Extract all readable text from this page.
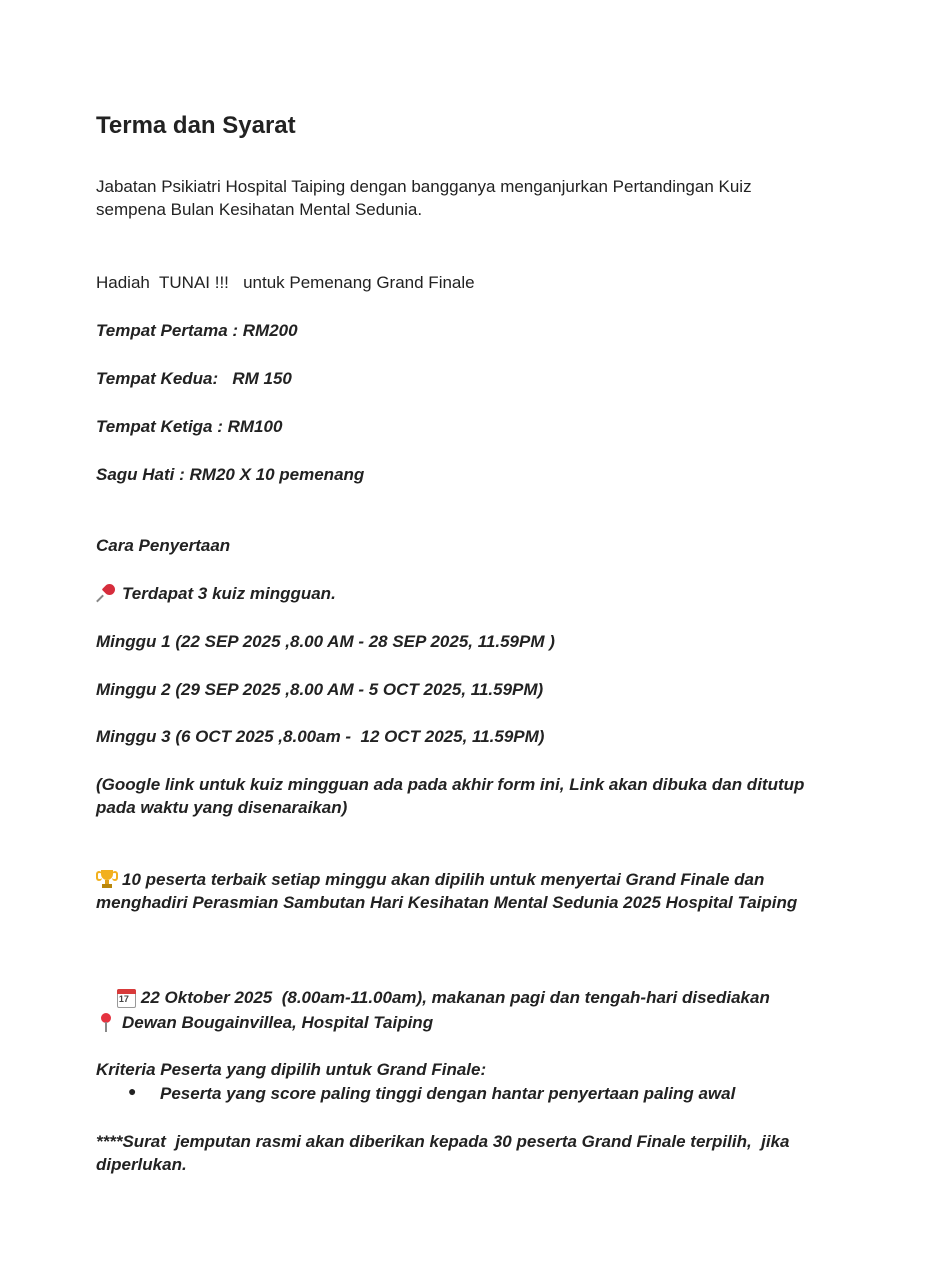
Terma dan Syarat

Jabatan Psikiatri Hospital Taiping dengan bangganya menganjurkan Pertandingan Kuiz sempena Bulan Kesihatan Mental Sedunia.

Hadiah  TUNAI !!!   untuk Pemenang Grand Finale

Tempat Pertama : RM200

Tempat Kedua:   RM 150

Tempat Ketiga : RM100

Sagu Hati : RM20 X 10 pemenang

Cara Penyertaan

Terdapat 3 kuiz mingguan.

Minggu 1 (22 SEP 2025 ,8.00 AM - 28 SEP 2025, 11.59PM )

Minggu 2 (29 SEP 2025 ,8.00 AM - 5 OCT 2025, 11.59PM)

Minggu 3 (6 OCT 2025 ,8.00am -  12 OCT 2025, 11.59PM)

(Google link untuk kuiz mingguan ada pada akhir form ini, Link akan dibuka dan ditutup pada waktu yang disenaraikan)

10 peserta terbaik setiap minggu akan dipilih untuk menyertai Grand Finale dan menghadiri Perasmian Sambutan Hari Kesihatan Mental Sedunia 2025 Hospital Taiping

17 22 Oktober 2025  (8.00am-11.00am), makanan pagi dan tengah-hari disediakan

Dewan Bougainvillea, Hospital Taiping

Kriteria Peserta yang dipilih untuk Grand Finale:

● Peserta yang score paling tinggi dengan hantar penyertaan paling awal

****Surat  jemputan rasmi akan diberikan kepada 30 peserta Grand Finale terpilih,  jika diperlukan.
